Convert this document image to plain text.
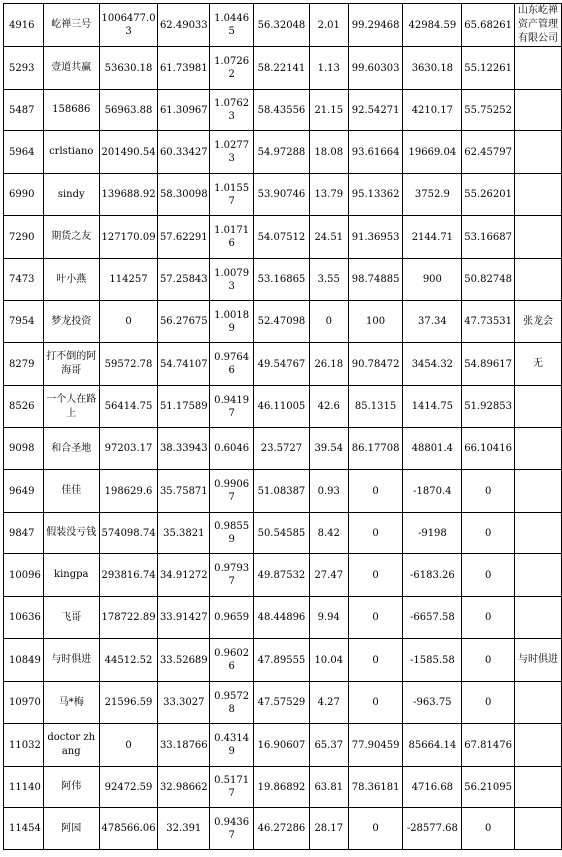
4916	屹禅三号	1006477.03	62.49033	1.04465	56.32048	2.01	99.29468	42984.59	65.68261	山东屹禅资产管理有限公司
5293	壹道共赢	53630.18	61.73981	1.07262	58.22141	1.13	99.60303	3630.18	55.12261	
5487	158686	56963.88	61.30967	1.07623	58.43556	21.15	92.54271	4210.17	55.75252	
5964	crlstiano	201490.54	60.33427	1.02773	54.97288	18.08	93.61664	19669.04	62.45797	
6990	sindy	139688.92	58.30098	1.01557	53.90746	13.79	95.13362	3752.9	55.26201	
7290	期货之友	127170.09	57.62291	1.01716	54.07512	24.51	91.36953	2144.71	53.16687	
7473	叶小燕	114257	57.25843	1.00793	53.16865	3.55	98.74885	900	50.82748	
7954	梦龙投资	0	56.27675	1.00189	52.47098	0	100	37.34	47.73531	张龙会
8279	打不倒的阿海哥	59572.78	54.74107	0.97646	49.54767	26.18	90.78472	3454.32	54.89617	无
8526	一个人在路上	56414.75	51.17589	0.94197	46.11005	42.6	85.1315	1414.75	51.92853	
9098	和合圣地	97203.17	38.33943	0.6046	23.5727	39.54	86.17708	48801.4	66.10416	
9649	佳佳	198629.6	35.75871	0.99067	51.08387	0.93	0	-1870.4	0	
9847	假装没亏钱	574098.74	35.3821	0.98559	50.54585	8.42	0	-9198	0	
10096	kingpa	293816.74	34.91272	0.97937	49.87532	27.47	0	-6183.26	0	
10636	飞哥	178722.89	33.91427	0.9659	48.44896	9.94	0	-6657.58	0	
10849	与时俱进	44512.52	33.52689	0.96026	47.89555	10.04	0	-1585.58	0	与时俱进
10970	马*梅	21596.59	33.3027	0.95728	47.57529	4.27	0	-963.75	0	
11032	doctor zhang	0	33.18766	0.43149	16.90607	65.37	77.90459	85664.14	67.81476	
11140	阿伟	92472.59	32.98662	0.51717	19.86892	63.81	78.36181	4716.68	56.21095	
11454	阿园	478566.06	32.391	0.94367	46.27286	28.17	0	-28577.68	0	
